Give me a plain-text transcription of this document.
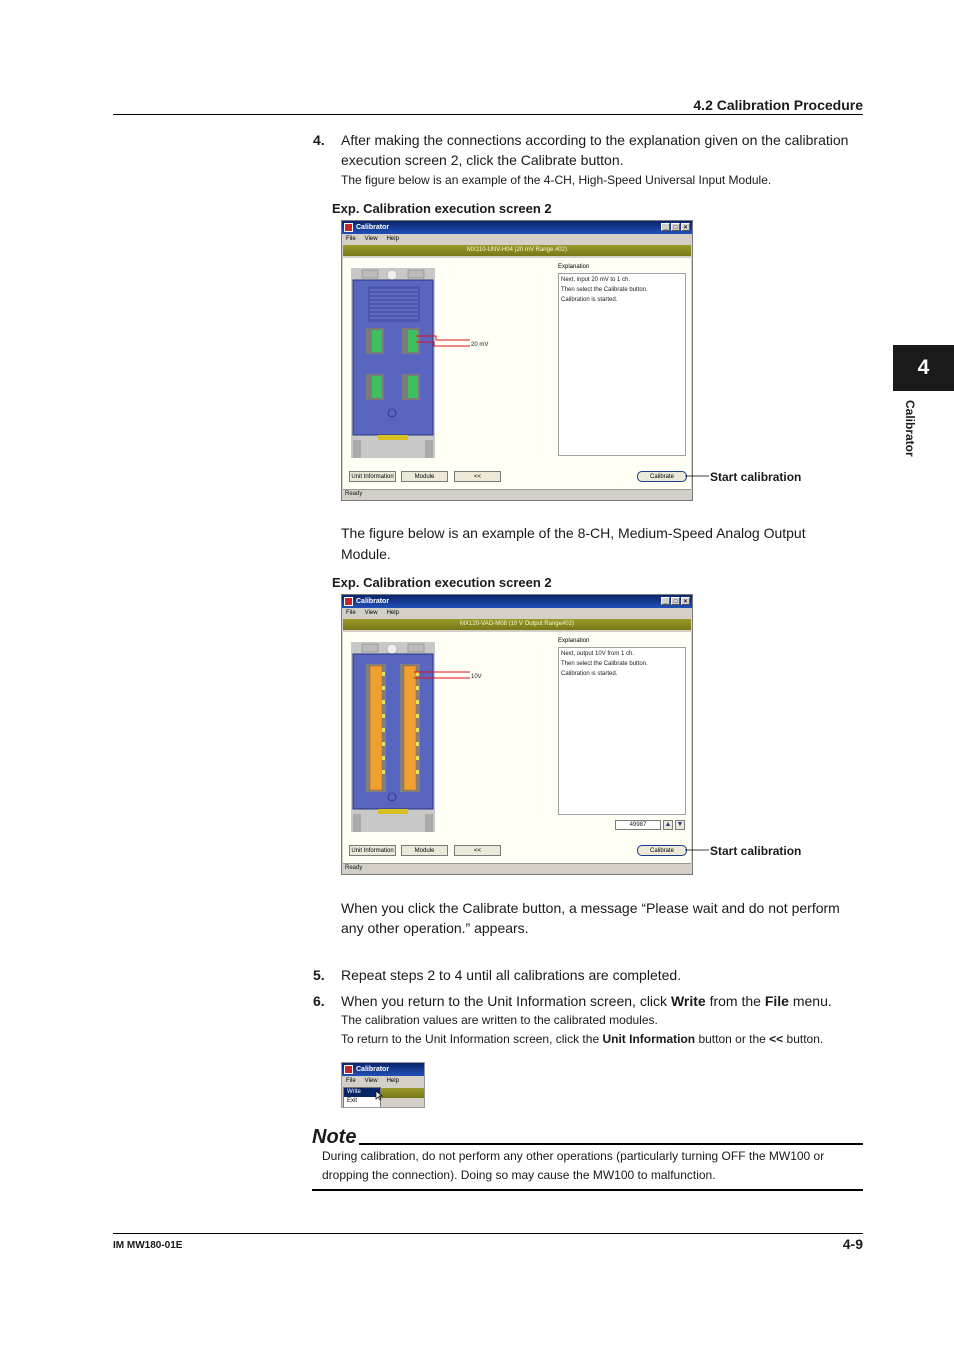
4.2 Calibration Procedure
4
Calibrator
4. After making the connections according to the explanation given on the calibration
execution screen 2, click the Calibrate button.
The figure below is an example of the 4-CH, High-Speed Universal Input Module.
Exp. Calibration execution screen 2
Calibrator	_	□	×
File View Help
MX110-UNV-H04 (20 mV Range #02)
20 mV
Explanation
Next, input 20 mV to 1 ch.
Then select the Calibrate button.
Calibration is started.
Unit Information	Module	<<	Calibrate
Ready
Start calibration
The figure below is an example of the 8-CH, Medium-Speed Analog Output
Module.
Exp. Calibration execution screen 2
Calibrator	_	□	×
File View Help
MX120-VAO-M08 (10 V Output Range#02)
10V
Explanation
Next, output 10V from 1 ch.
Then select the Calibrate button.
Calibration is started.
49987	▲ ▼
Unit Information	Module	<<	Calibrate
Ready
Start calibration
When you click the Calibrate button, a message “Please wait and do not perform
any other operation.” appears.
5. Repeat steps 2 to 4 until all calibrations are completed.
6. When you return to the Unit Information screen, click Write from the File menu.
The calibration values are written to the calibrated modules.
To return to the Unit Information screen, click the Unit Information button or the << button.
Calibrator
File View Help
Write
Exit
Note
During calibration, do not perform any other operations (particularly turning OFF the MW100 or
dropping the connection). Doing so may cause the MW100 to malfunction.
IM MW180-01E	4-9
